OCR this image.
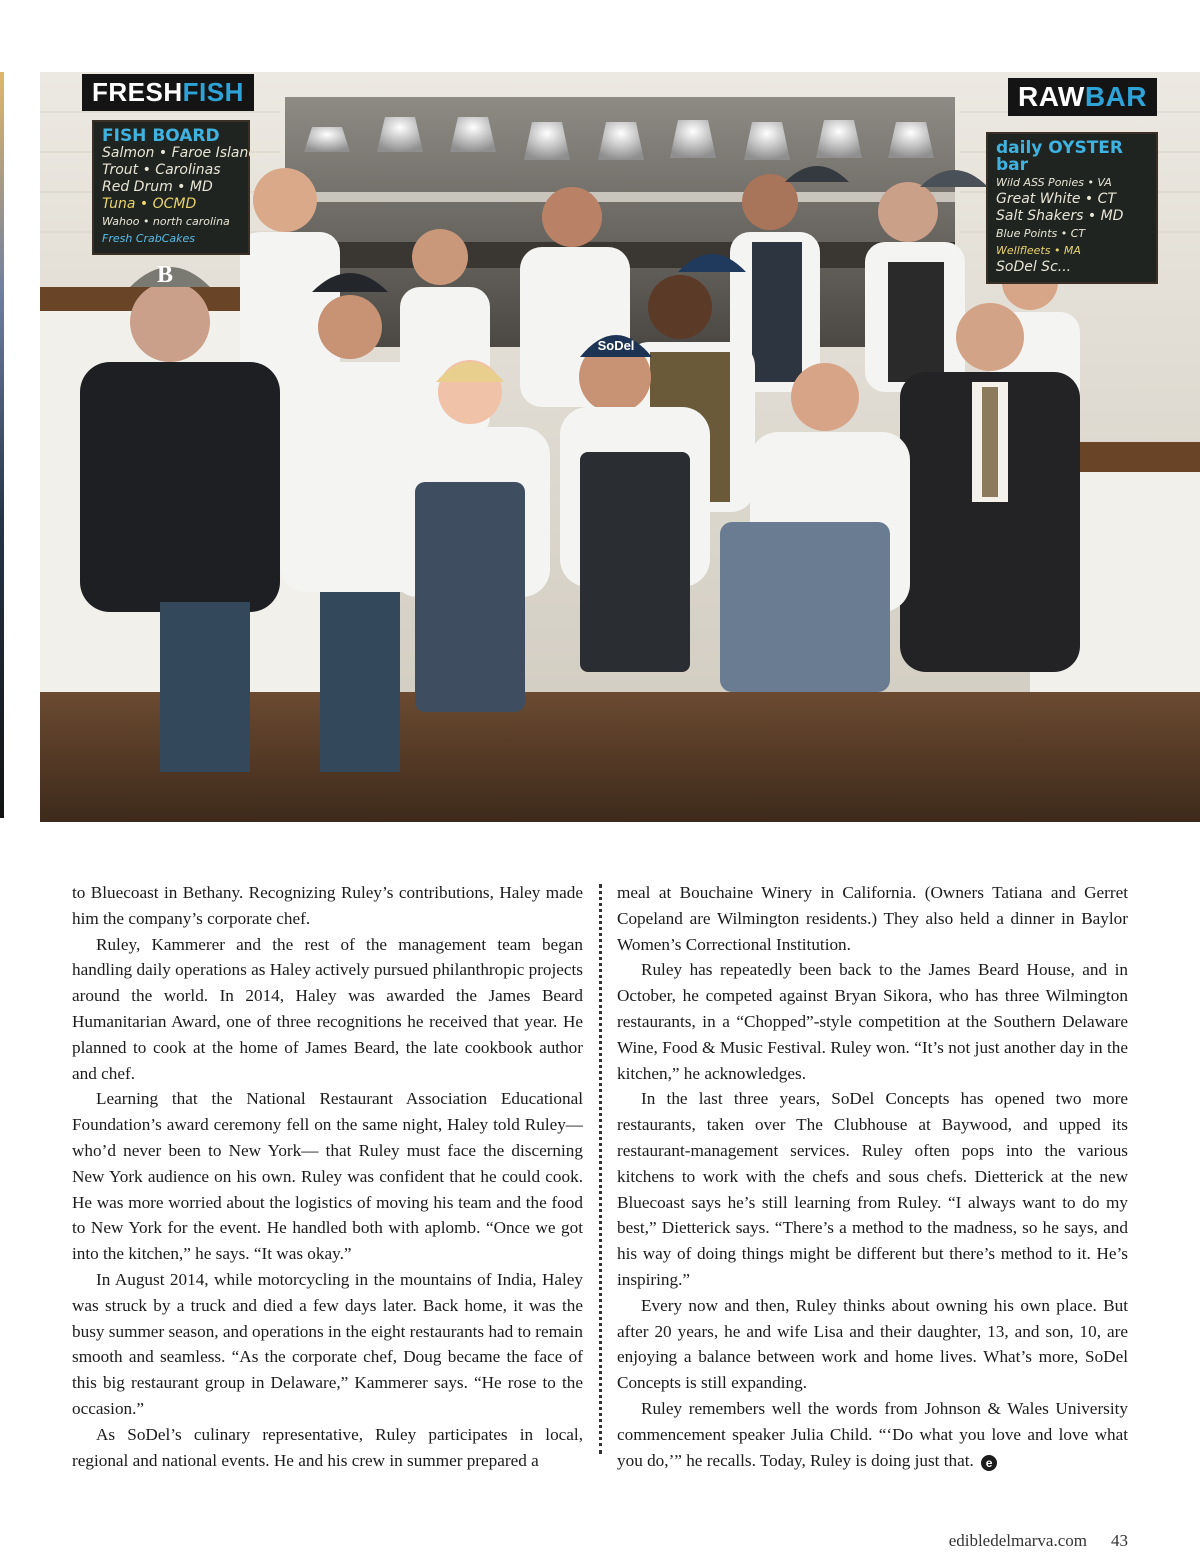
B
SoDel
FRESHFISH	RAWBAR
FISH BOARD
Salmon • Faroe Island
Trout • Carolinas
Red Drum • MD
Tuna • OCMD
Wahoo • north carolina
Fresh CrabCakes
daily OYSTER bar
Wild ASS Ponies • VA
Great White • CT
Salt Shakers • MD
Blue Points • CT
Wellfleets • MA
SoDel Sc...

to Bluecoast in Bethany. Recognizing Ruley’s contributions, Haley made him the company’s corporate chef.

Ruley, Kammerer and the rest of the management team began handling daily operations as Haley actively pursued philanthropic projects around the world. In 2014, Haley was awarded the James Beard Humanitarian Award, one of three recognitions he received that year. He planned to cook at the home of James Beard, the late cookbook author and chef.

Learning that the National Restaurant Association Educational Foundation’s award ceremony fell on the same night, Haley told Ruley—who’d never been to New York— that Ruley must face the discerning New York audience on his own. Ruley was confident that he could cook. He was more worried about the logistics of moving his team and the food to New York for the event. He handled both with aplomb. “Once we got into the kitchen,” he says. “It was okay.”

In August 2014, while motorcycling in the mountains of India, Haley was struck by a truck and died a few days later. Back home, it was the busy summer season, and operations in the eight restaurants had to remain smooth and seamless. “As the corporate chef, Doug became the face of this big restaurant group in Delaware,” Kammerer says. “He rose to the occasion.”

As SoDel’s culinary representative, Ruley participates in local, regional and national events. He and his crew in summer prepared a

meal at Bouchaine Winery in California. (Owners Tatiana and Gerret Copeland are Wilmington residents.) They also held a dinner in Baylor Women’s Correctional Institution.

Ruley has repeatedly been back to the James Beard House, and in October, he competed against Bryan Sikora, who has three Wilmington restaurants, in a “Chopped”-style competition at the Southern Delaware Wine, Food & Music Festival. Ruley won. “It’s not just another day in the kitchen,” he acknowledges.

In the last three years, SoDel Concepts has opened two more restaurants, taken over The Clubhouse at Baywood, and upped its restaurant-management services. Ruley often pops into the various kitchens to work with the chefs and sous chefs. Dietterick at the new Bluecoast says he’s still learning from Ruley. “I always want to do my best,” Dietterick says. “There’s a method to the madness, so he says, and his way of doing things might be different but there’s method to it. He’s inspiring.”

Every now and then, Ruley thinks about owning his own place. But after 20 years, he and wife Lisa and their daughter, 13, and son, 10, are enjoying a balance between work and home lives. What’s more, SoDel Concepts is still expanding.

Ruley remembers well the words from Johnson & Wales University commencement speaker Julia Child. “‘Do what you love and love what you do,’” he recalls. Today, Ruley is doing just that. e

edibledelmarva.com 43
